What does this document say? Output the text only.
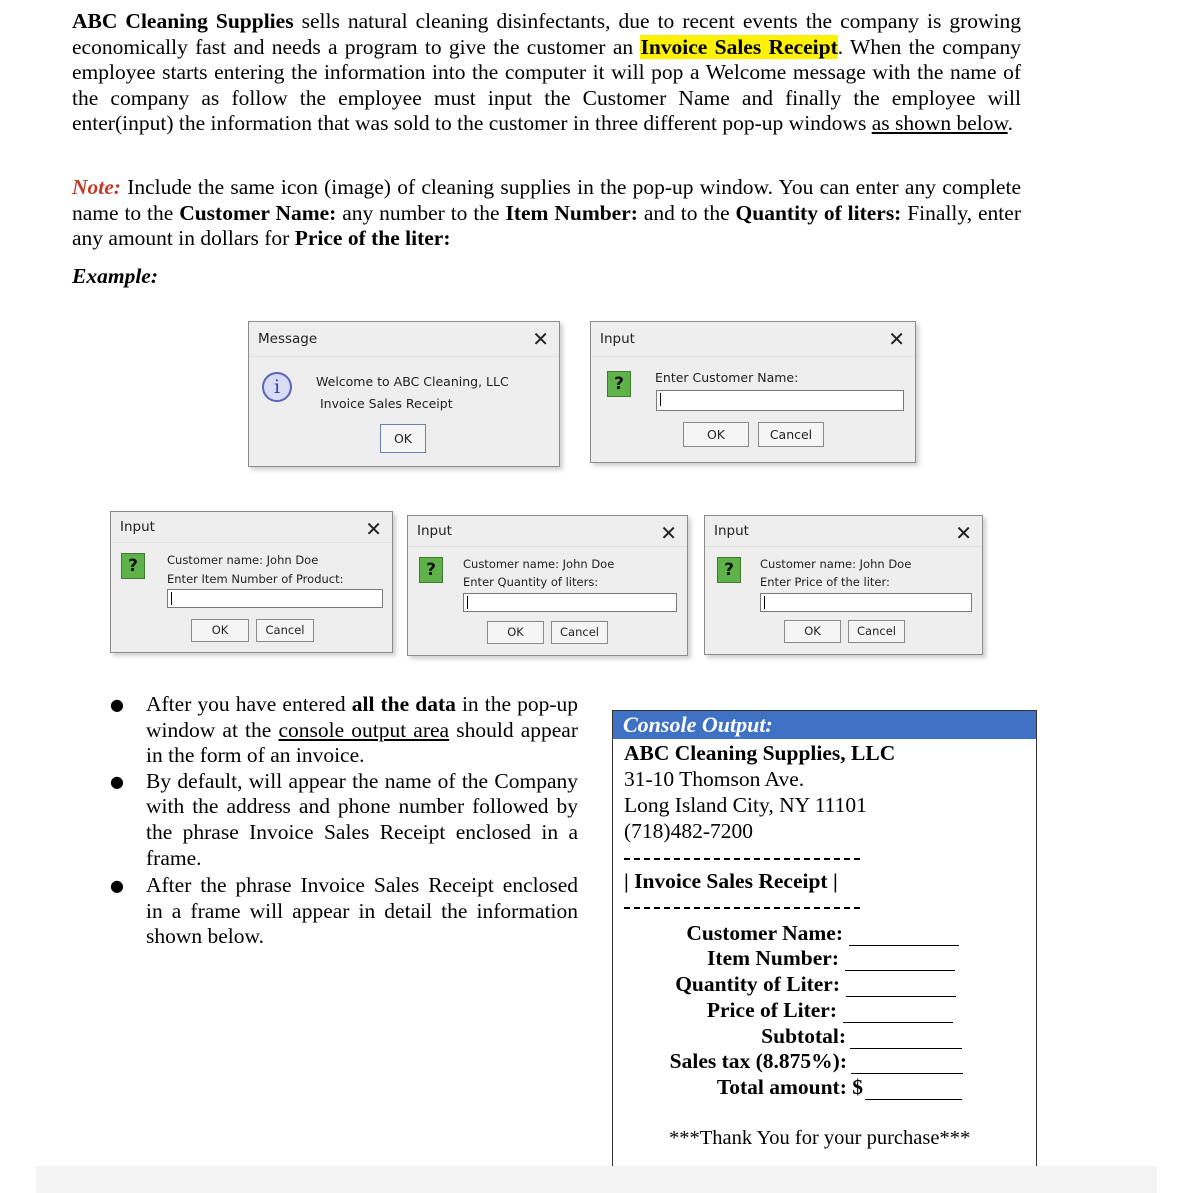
ABC Cleaning Supplies sells natural cleaning disinfectants, due to recent events the company is growing economically fast and needs a program to give the customer an Invoice Sales Receipt. When the company employee starts entering the information into the computer it will pop a Welcome message with the name of the company as follow the employee must input the Customer Name and finally the employee will enter(input) the information that was sold to the customer in three different pop-up windows as shown below.

Note: Include the same icon (image) of cleaning supplies in the pop-up window. You can enter any complete name to the Customer Name: any number to the Item Number: and to the Quantity of liters: Finally, enter any amount in dollars for Price of the liter:

Example:
Message	✕
i	Welcome to ABC Cleaning, LLC
Invoice Sales Receipt
OK
Input	✕
?	Enter Customer Name:
OK	Cancel
Input	✕
?	Customer name: John Doe
Enter Item Number of Product:
OK	Cancel
Input	✕
?	Customer name: John Doe
Enter Quantity of liters:
OK	Cancel
Input	✕
?	Customer name: John Doe
Enter Price of the liter:
OK	Cancel

● After you have entered all the data in the pop-up window at the console output area should appear in the form of an invoice.

● By default, will appear the name of the Company with the address and phone number followed by the phrase Invoice Sales Receipt enclosed in a frame.

● After the phrase Invoice Sales Receipt enclosed in a frame will appear in detail the information shown below.

Console Output:
ABC Cleaning Supplies, LLC
31-10 Thomson Ave.
Long Island City, NY 11101
(718)482-7200
| Invoice Sales Receipt |
Customer Name:
Item Number:
Quantity of Liter:
Price of Liter:
Subtotal:
Sales tax (8.875%):
Total amount: $
***Thank You for your purchase***
